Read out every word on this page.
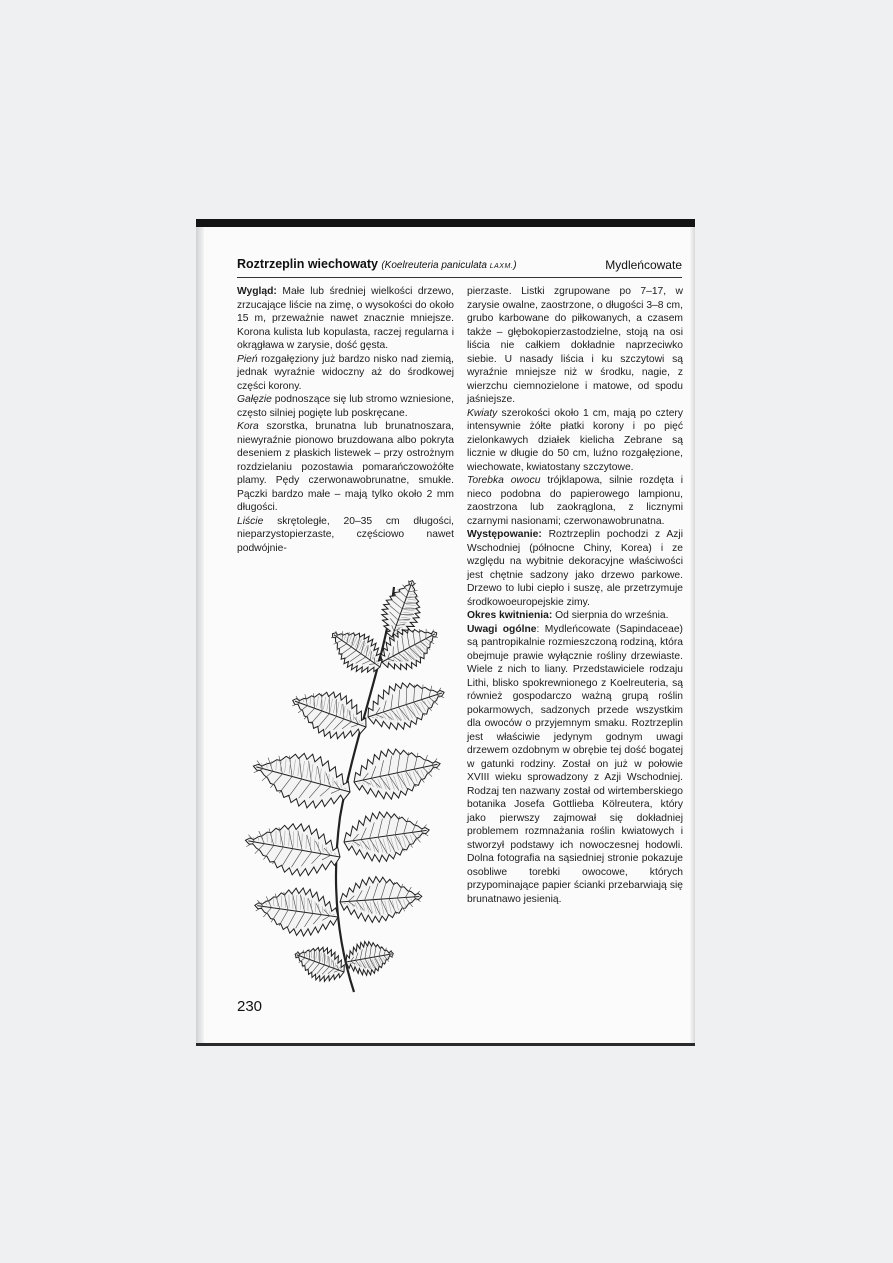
Roztrzeplin wiechowaty (Koelreuteria paniculata LAXM.)	Mydleńcowate

Wygląd: Małe lub średniej wielkości drzewo, zrzucające liście na zimę, o wysokości do około 15 m, przeważnie nawet znacznie mniejsze. Korona kulista lub kopulasta, raczej regularna i okrągława w zarysie, dość gęsta.

Pień rozgałęziony już bardzo nisko nad ziemią, jednak wyraźnie widoczny aż do środkowej części korony.

Gałęzie podnoszące się lub stromo wzniesione, często silniej pogięte lub poskręcane.

Kora szorstka, brunatna lub brunatnoszara, niewyraźnie pionowo bruzdowana albo pokryta deseniem z płaskich listewek – przy ostrożnym rozdzielaniu pozostawia pomarańczowożółte plamy. Pędy czerwonawobrunatne, smukłe. Pączki bardzo małe – mają tylko około 2 mm długości.

Liście skrętoległe, 20–35 cm długości, nieparzystopierzaste, częściowo nawet podwójnie-

pierzaste. Listki zgrupowane po 7–17, w zarysie owalne, zaostrzone, o długości 3–8 cm, grubo karbowane do piłkowanych, a czasem także – głębokopierzastodzielne, stoją na osi liścia nie całkiem dokładnie naprzeciwko siebie. U nasady liścia i ku szczytowi są wyraźnie mniejsze niż w środku, nagie, z wierzchu ciemnozielone i matowe, od spodu jaśniejsze.

Kwiaty szerokości około 1 cm, mają po cztery intensywnie żółte płatki korony i po pięć zielonkawych działek kielicha Zebrane są licznie w długie do 50 cm, luźno rozgałęzione, wiechowate, kwiatostany szczytowe.

Torebka owocu trójklapowa, silnie rozdęta i nieco podobna do papierowego lampionu, zaostrzona lub zaokrąglona, z licznymi czarnymi nasionami; czerwonawobrunatna.

Występowanie: Roztrzeplin pochodzi z Azji Wschodniej (północne Chiny, Korea) i ze względu na wybitnie dekoracyjne właściwości jest chętnie sadzony jako drzewo parkowe. Drzewo to lubi ciepło i suszę, ale przetrzymuje środkowoeuropejskie zimy.

Okres kwitnienia: Od sierpnia do września.

Uwagi ogólne: Mydleńcowate (Sapindaceae) są pantropikalnie rozmieszczoną rodziną, która obejmuje prawie wyłącznie rośliny drzewiaste. Wiele z nich to liany. Przedstawiciele rodzaju Lithi, blisko spokrewnionego z Koelreuteria, są również gospodarczo ważną grupą roślin pokarmowych, sadzonych przede wszystkim dla owoców o przyjemnym smaku. Roztrzeplin jest właściwie jedynym godnym uwagi drzewem ozdobnym w obrębie tej dość bogatej w gatunki rodziny. Został on już w połowie XVIII wieku sprowadzony z Azji Wschodniej. Rodzaj ten nazwany został od wirtemberskiego botanika Josefa Gottlieba Kölreutera, który jako pierwszy zajmował się dokładniej problemem rozmnażania roślin kwiatowych i stworzył podstawy ich nowoczesnej hodowli. Dolna fotografia na sąsiedniej stronie pokazuje osobliwe torebki owocowe, których przypominające papier ścianki przebarwiają się brunatnawo jesienią.

230
